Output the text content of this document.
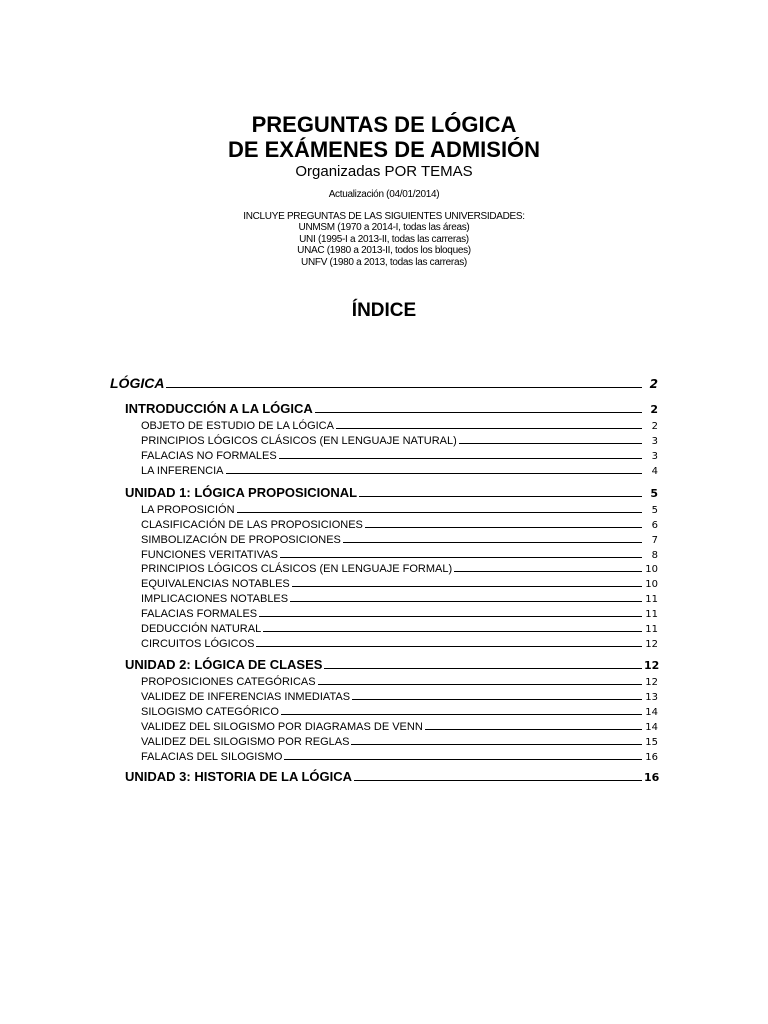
PREGUNTAS DE LÓGICA
DE EXÁMENES DE ADMISIÓN
Organizadas POR TEMAS
Actualización (04/01/2014)
INCLUYE PREGUNTAS DE LAS SIGUIENTES UNIVERSIDADES:
UNMSM (1970 a 2014-I, todas las áreas)
UNI (1995-I a 2013-II, todas las carreras)
UNAC (1980 a 2013-II, todos los bloques)
UNFV (1980 a 2013, todas las carreras)
ÍNDICE
LÓGICA	2
INTRODUCCIÓN A LA LÓGICA	2
OBJETO DE ESTUDIO DE LA LÓGICA	2
PRINCIPIOS LÓGICOS CLÁSICOS (EN LENGUAJE NATURAL)	3
FALACIAS NO FORMALES	3
LA INFERENCIA	4
UNIDAD 1: LÓGICA PROPOSICIONAL	5
LA PROPOSICIÓN	5
CLASIFICACIÓN DE LAS PROPOSICIONES	6
SIMBOLIZACIÓN DE PROPOSICIONES	7
FUNCIONES VERITATIVAS	8
PRINCIPIOS LÓGICOS CLÁSICOS (EN LENGUAJE FORMAL)	10
EQUIVALENCIAS NOTABLES	10
IMPLICACIONES NOTABLES	11
FALACIAS FORMALES	11
DEDUCCIÓN NATURAL	11
CIRCUITOS LÓGICOS	12
UNIDAD 2: LÓGICA DE CLASES	12
PROPOSICIONES CATEGÓRICAS	12
VALIDEZ DE INFERENCIAS INMEDIATAS	13
SILOGISMO CATEGÓRICO	14
VALIDEZ DEL SILOGISMO POR DIAGRAMAS DE VENN	14
VALIDEZ DEL SILOGISMO POR REGLAS	15
FALACIAS DEL SILOGISMO	16
UNIDAD 3: HISTORIA DE LA LÓGICA	16
